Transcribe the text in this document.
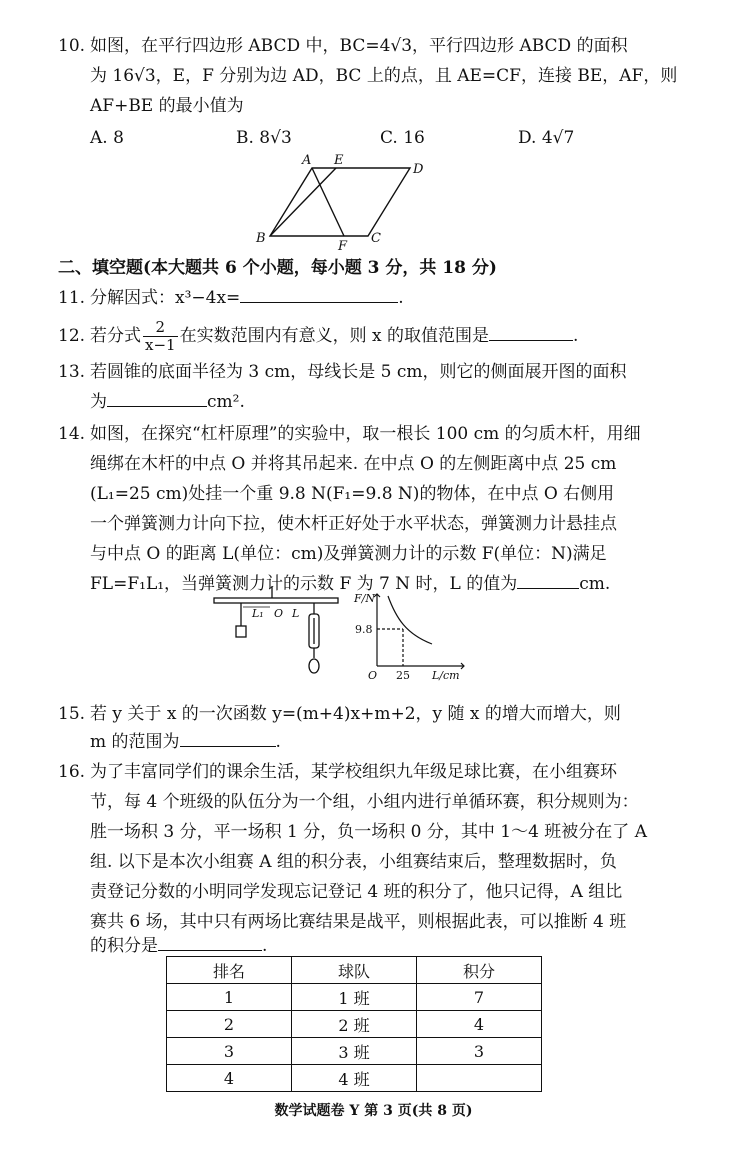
10. 如图，在平行四边形 ABCD 中，BC=4√3，平行四边形 ABCD 的面积
为 16√3，E，F 分别为边 AD，BC 上的点，且 AE=CF，连接 BE，AF，则
AF+BE 的最小值为
A. 8	B. 8√3	C. 16	D. 4√7
A E
D
B
F
C
二、填空题(本大题共 6 个小题，每小题 3 分，共 18 分)
11. 分解因式：x³−4x=	.
12. 若分式 $\frac{2}{x-1}$ 在实数范围内有意义，则 x 的取值范围是	.
13. 若圆锥的底面半径为 3 cm，母线长是 5 cm，则它的侧面展开图的面积
为	cm².
14. 如图，在探究“杠杆原理”的实验中，取一根长 100 cm 的匀质木杆，用细
绳绑在木杆的中点 O 并将其吊起来. 在中点 O 的左侧距离中点 25 cm
(L₁=25 cm)处挂一个重 9.8 N(F₁=9.8 N)的物体，在中点 O 右侧用
一个弹簧测力计向下拉，使木杆正好处于水平状态，弹簧测力计悬挂点
与中点 O 的距离 L(单位：cm)及弹簧测力计的示数 F(单位：N)满足
FL=F₁L₁，当弹簧测力计的示数 F 为 7 N 时，L 的值为	cm.
L₁ O L
F/N
9.8
O 25 L/cm
15. 若 y 关于 x 的一次函数 y=(m+4)x+m+2，y 随 x 的增大而增大，则
m 的范围为	.
16. 为了丰富同学们的课余生活，某学校组织九年级足球比赛，在小组赛环
节，每 4 个班级的队伍分为一个组，小组内进行单循环赛，积分规则为：
胜一场积 3 分，平一场积 1 分，负一场积 0 分，其中 1～4 班被分在了 A
组. 以下是本次小组赛 A 组的积分表，小组赛结束后，整理数据时，负
责登记分数的小明同学发现忘记登记 4 班的积分了，他只记得，A 组比
赛共 6 场，其中只有两场比赛结果是战平，则根据此表，可以推断 4 班
的积分是	.
排名	球队	积分
1	1 班	7
2	2 班	4
3	3 班	3
4	4 班	
数学试题卷 Y 第 3 页(共 8 页)
